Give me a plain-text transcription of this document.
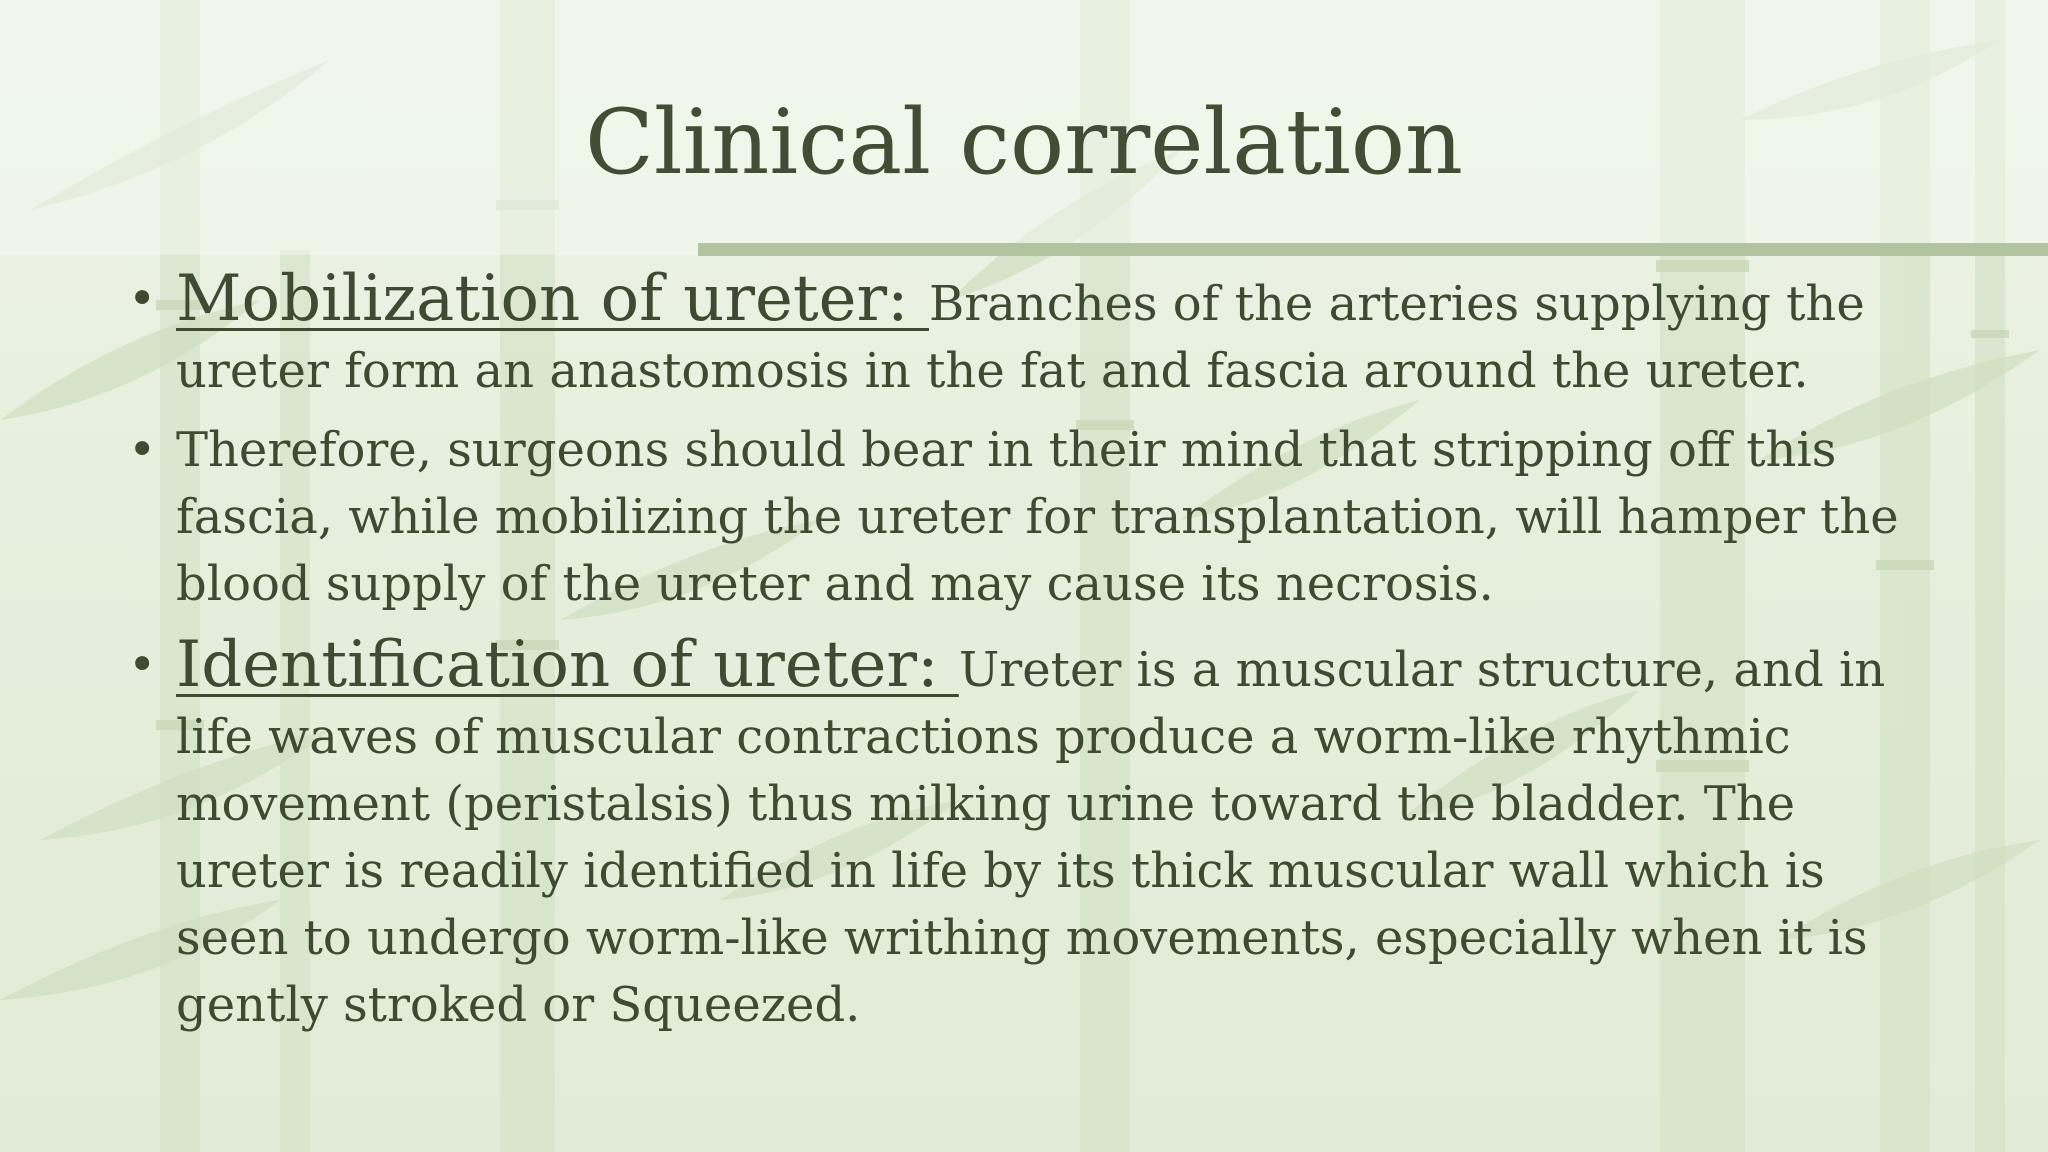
Clinical correlation
• Mobilization of ureter: Branches of the arteries supplying the ureter form an anastomosis in the fat and fascia around the ureter.
• Therefore, surgeons should bear in their mind that stripping off this fascia, while mobilizing the ureter for transplantation, will hamper the blood supply of the ureter and may cause its necrosis.
• Identification of ureter: Ureter is a muscular structure, and in life waves of muscular contractions produce a worm-like rhythmic movement (peristalsis) thus milking urine toward the bladder. The ureter is readily identified in life by its thick muscular wall which is seen to undergo worm-like writhing movements, especially when it is gently stroked or Squeezed.
